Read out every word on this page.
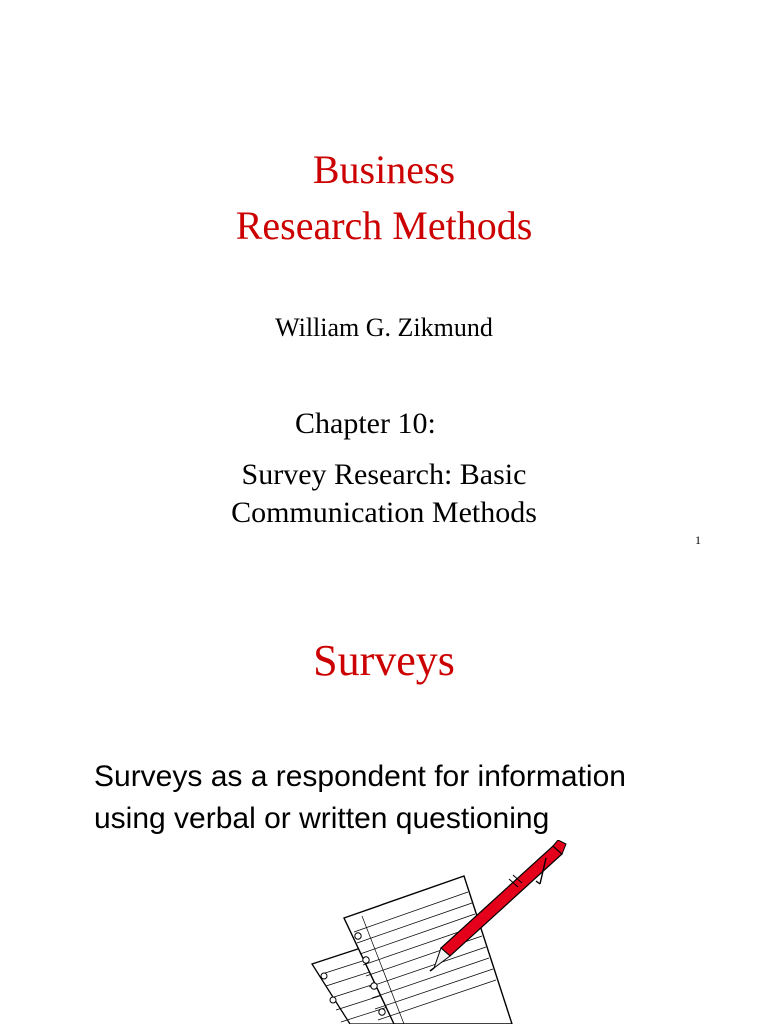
Business
Research Methods
William G. Zikmund
Chapter 10:
Survey Research: Basic
Communication Methods
1
Surveys
Surveys as a respondent for information
using verbal or written questioning
